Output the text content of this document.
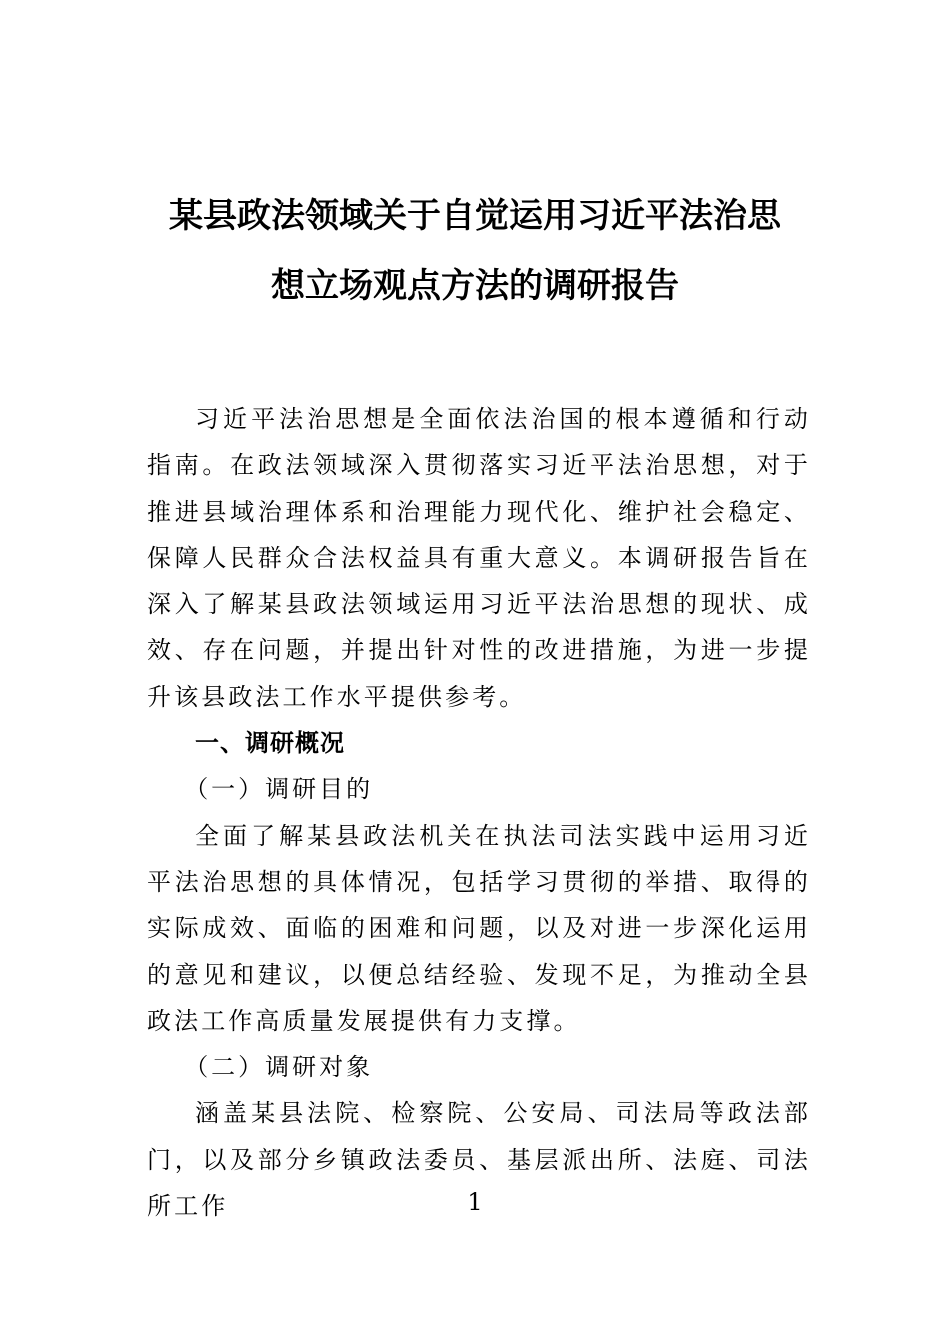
某县政法领域关于自觉运用习近平法治思
想立场观点方法的调研报告

习近平法治思想是全面依法治国的根本遵循和行动指南。在政法领域深入贯彻落实习近平法治思想，对于推进县域治理体系和治理能力现代化、维护社会稳定、保障人民群众合法权益具有重大意义。本调研报告旨在深入了解某县政法领域运用习近平法治思想的现状、成效、存在问题，并提出针对性的改进措施，为进一步提升该县政法工作水平提供参考。

一、调研概况

（一）调研目的

全面了解某县政法机关在执法司法实践中运用习近平法治思想的具体情况，包括学习贯彻的举措、取得的实际成效、面临的困难和问题，以及对进一步深化运用的意见和建议，以便总结经验、发现不足，为推动全县政法工作高质量发展提供有力支撑。

（二）调研对象

涵盖某县法院、检察院、公安局、司法局等政法部门，以及部分乡镇政法委员、基层派出所、法庭、司法所工作	1
